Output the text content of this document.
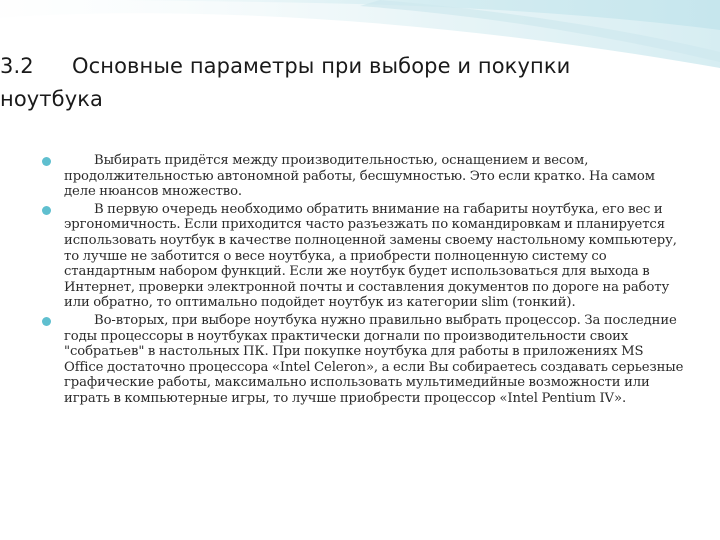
3.2 Основные параметры при выборе и покупки ноутбука
Выбирать придётся между производительностью, оснащением и весом, продолжительностью автономной работы, бесшумностью. Это если кратко. На самом деле нюансов множество.
В первую очередь необходимо обратить внимание на габариты ноутбука, его вес и эргономичность. Если приходится часто разъезжать по командировкам и планируется использовать ноутбук в качестве полноценной замены своему настольному компьютеру, то лучше не заботится о весе ноутбука, а приобрести полноценную систему со стандартным набором функций. Если же ноутбук будет использоваться для выхода в Интернет, проверки электронной почты и составления документов по дороге на работу или обратно, то оптимально подойдет ноутбук из категории slim (тонкий).
Во-вторых, при выборе ноутбука нужно правильно выбрать процессор. За последние годы процессоры в ноутбуках практически догнали по производительности своих "собратьев" в настольных ПК. При покупке ноутбука для работы в приложениях MS Office достаточно процессора «Intel Celeron», а если Вы собираетесь создавать серьезные графические работы, максимально использовать мультимедийные возможности или играть в компьютерные игры, то лучше приобрести процессор «Intel Pentium IV».
